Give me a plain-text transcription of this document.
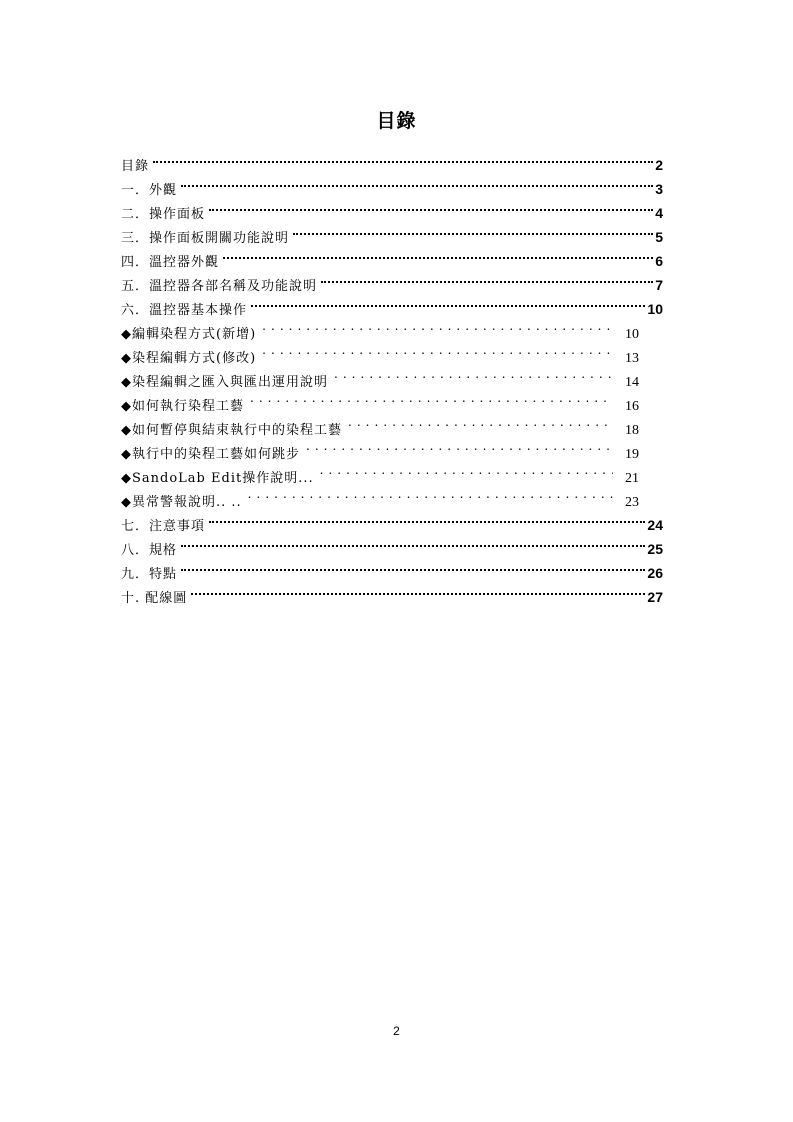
目錄
目錄	2
一．外觀	3
二．操作面板	4
三．操作面板開關功能說明	5
四．溫控器外觀	6
五．溫控器各部名稱及功能說明	7
六．溫控器基本操作	10
◆編輯染程方式(新增) . . .	10
◆染程編輯方式(修改) . . .	13
◆染程編輯之匯入與匯出運用說明 . . .	14
◆如何執行染程工藝 . . .	16
◆如何暫停與結束執行中的染程工藝 . . .	18
◆執行中的染程工藝如何跳步 . . .	19
◆SandoLab Edit操作說明... . . .	21
◆異常警報說明.. .. . . .	23
七．注意事項	24
八．規格	25
九．特點	26
十. 配線圖	27
2
